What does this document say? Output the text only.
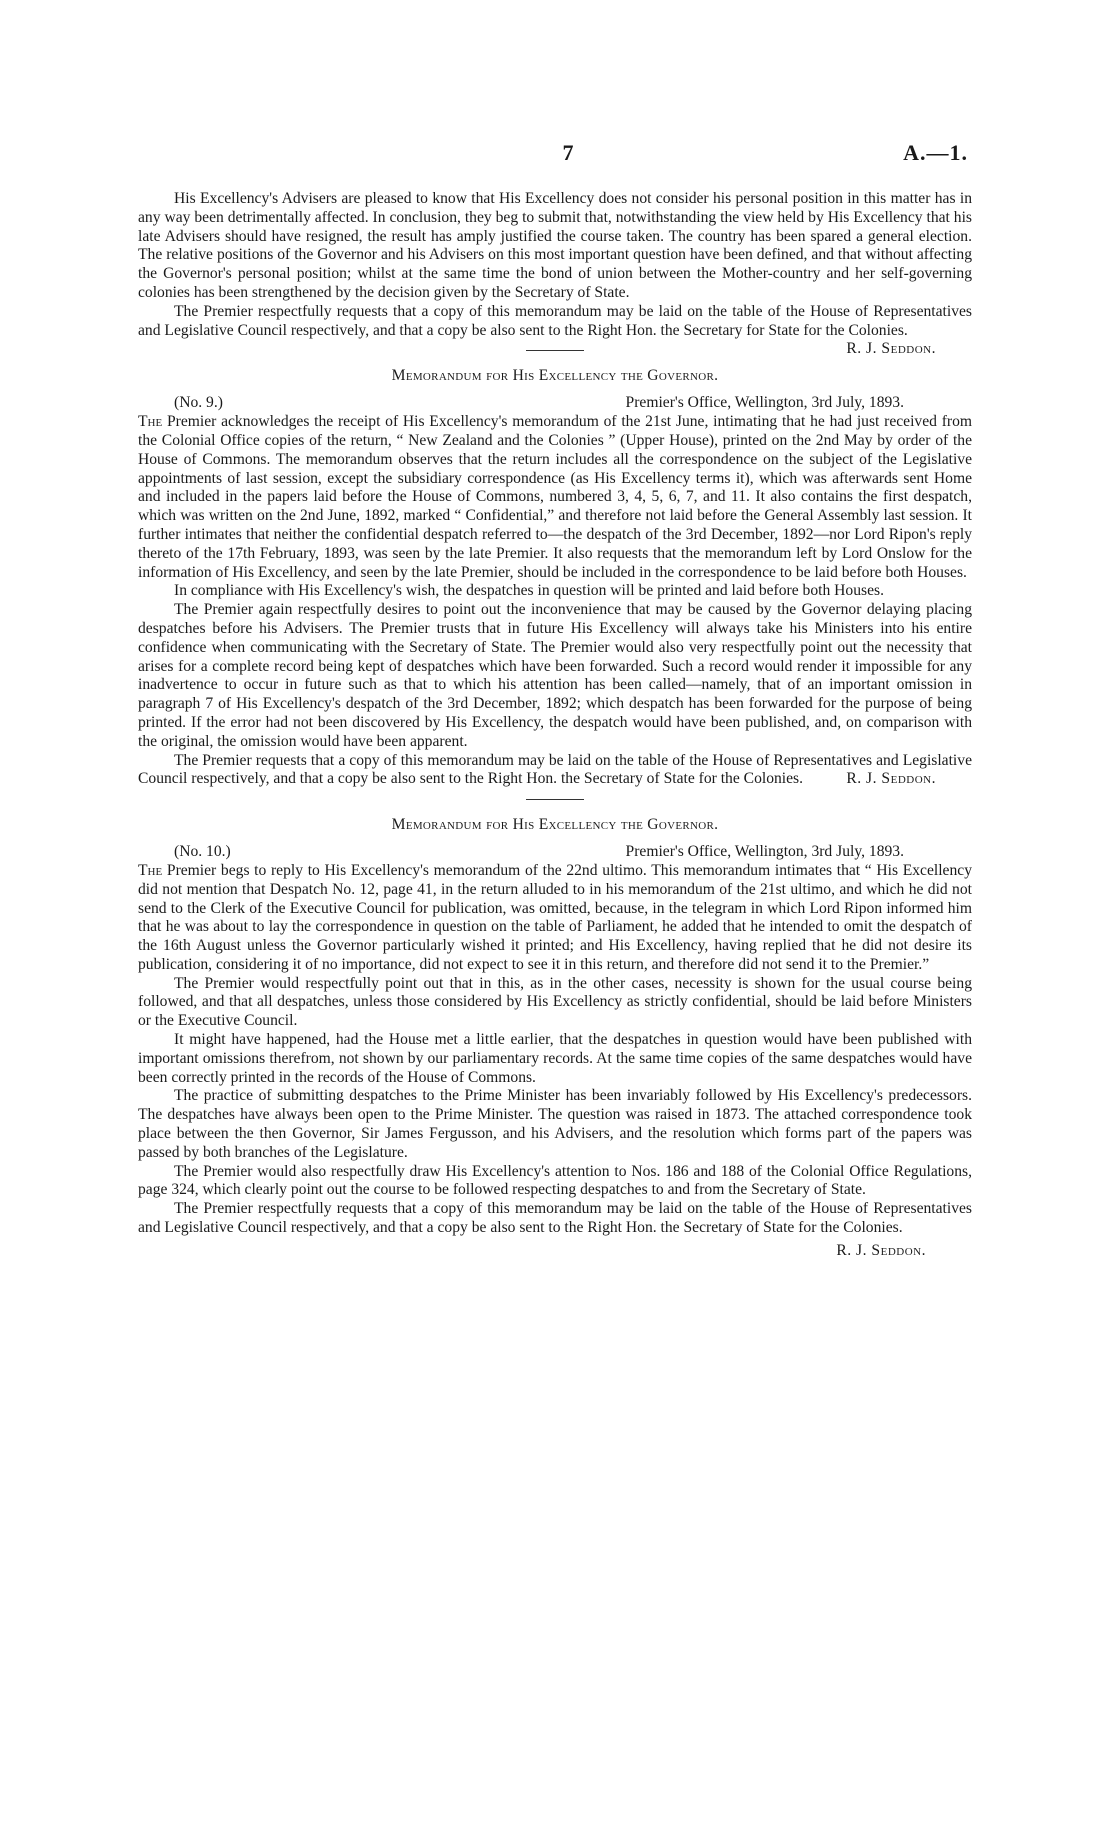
7	A.—1.

His Excellency's Advisers are pleased to know that His Excellency does not consider his personal position in this matter has in any way been detrimentally affected. In conclusion, they beg to submit that, notwithstanding the view held by His Excellency that his late Advisers should have resigned, the result has amply justified the course taken. The country has been spared a general election. The relative positions of the Governor and his Advisers on this most important question have been defined, and that without affecting the Governor's personal position; whilst at the same time the bond of union between the Mother-country and her self-governing colonies has been strengthened by the decision given by the Secretary of State.

The Premier respectfully requests that a copy of this memorandum may be laid on the table of the House of Representatives and Legislative Council respectively, and that a copy be also sent to the Right Hon. the Secretary for State for the Colonies.
R. J. Seddon.

Memorandum for His Excellency the Governor.
(No. 9.)	Premier's Office, Wellington, 3rd July, 1893.

The Premier acknowledges the receipt of His Excellency's memorandum of the 21st June, intimating that he had just received from the Colonial Office copies of the return, “ New Zealand and the Colonies ” (Upper House), printed on the 2nd May by order of the House of Commons. The memorandum observes that the return includes all the correspondence on the subject of the Legislative appointments of last session, except the subsidiary correspondence (as His Excellency terms it), which was afterwards sent Home and included in the papers laid before the House of Commons, numbered 3, 4, 5, 6, 7, and 11. It also contains the first despatch, which was written on the 2nd June, 1892, marked “ Confidential,” and therefore not laid before the General Assembly last session. It further intimates that neither the confidential despatch referred to—the despatch of the 3rd December, 1892—nor Lord Ripon's reply thereto of the 17th February, 1893, was seen by the late Premier. It also requests that the memorandum left by Lord Onslow for the information of His Excellency, and seen by the late Premier, should be included in the correspondence to be laid before both Houses.

In compliance with His Excellency's wish, the despatches in question will be printed and laid before both Houses.

The Premier again respectfully desires to point out the inconvenience that may be caused by the Governor delaying placing despatches before his Advisers. The Premier trusts that in future His Excellency will always take his Ministers into his entire confidence when communicating with the Secretary of State. The Premier would also very respectfully point out the necessity that arises for a complete record being kept of despatches which have been forwarded. Such a record would render it impossible for any inadvertence to occur in future such as that to which his attention has been called—namely, that of an important omission in paragraph 7 of His Excellency's despatch of the 3rd December, 1892; which despatch has been forwarded for the purpose of being printed. If the error had not been discovered by His Excellency, the despatch would have been published, and, on comparison with the original, the omission would have been apparent.

The Premier requests that a copy of this memorandum may be laid on the table of the House of Representatives and Legislative Council respectively, and that a copy be also sent to the Right Hon. the Secretary of State for the Colonies.	R. J. Seddon.

Memorandum for His Excellency the Governor.
(No. 10.)	Premier's Office, Wellington, 3rd July, 1893.

The Premier begs to reply to His Excellency's memorandum of the 22nd ultimo. This memorandum intimates that “ His Excellency did not mention that Despatch No. 12, page 41, in the return alluded to in his memorandum of the 21st ultimo, and which he did not send to the Clerk of the Executive Council for publication, was omitted, because, in the telegram in which Lord Ripon informed him that he was about to lay the correspondence in question on the table of Parliament, he added that he intended to omit the despatch of the 16th August unless the Governor particularly wished it printed; and His Excellency, having replied that he did not desire its publication, considering it of no importance, did not expect to see it in this return, and therefore did not send it to the Premier.”

The Premier would respectfully point out that in this, as in the other cases, necessity is shown for the usual course being followed, and that all despatches, unless those considered by His Excellency as strictly confidential, should be laid before Ministers or the Executive Council.

It might have happened, had the House met a little earlier, that the despatches in question would have been published with important omissions therefrom, not shown by our parliamentary records. At the same time copies of the same despatches would have been correctly printed in the records of the House of Commons.

The practice of submitting despatches to the Prime Minister has been invariably followed by His Excellency's predecessors. The despatches have always been open to the Prime Minister. The question was raised in 1873. The attached correspondence took place between the then Governor, Sir James Fergusson, and his Advisers, and the resolution which forms part of the papers was passed by both branches of the Legislature.

The Premier would also respectfully draw His Excellency's attention to Nos. 186 and 188 of the Colonial Office Regulations, page 324, which clearly point out the course to be followed respecting despatches to and from the Secretary of State.

The Premier respectfully requests that a copy of this memorandum may be laid on the table of the House of Representatives and Legislative Council respectively, and that a copy be also sent to the Right Hon. the Secretary of State for the Colonies.

R. J. Seddon.
